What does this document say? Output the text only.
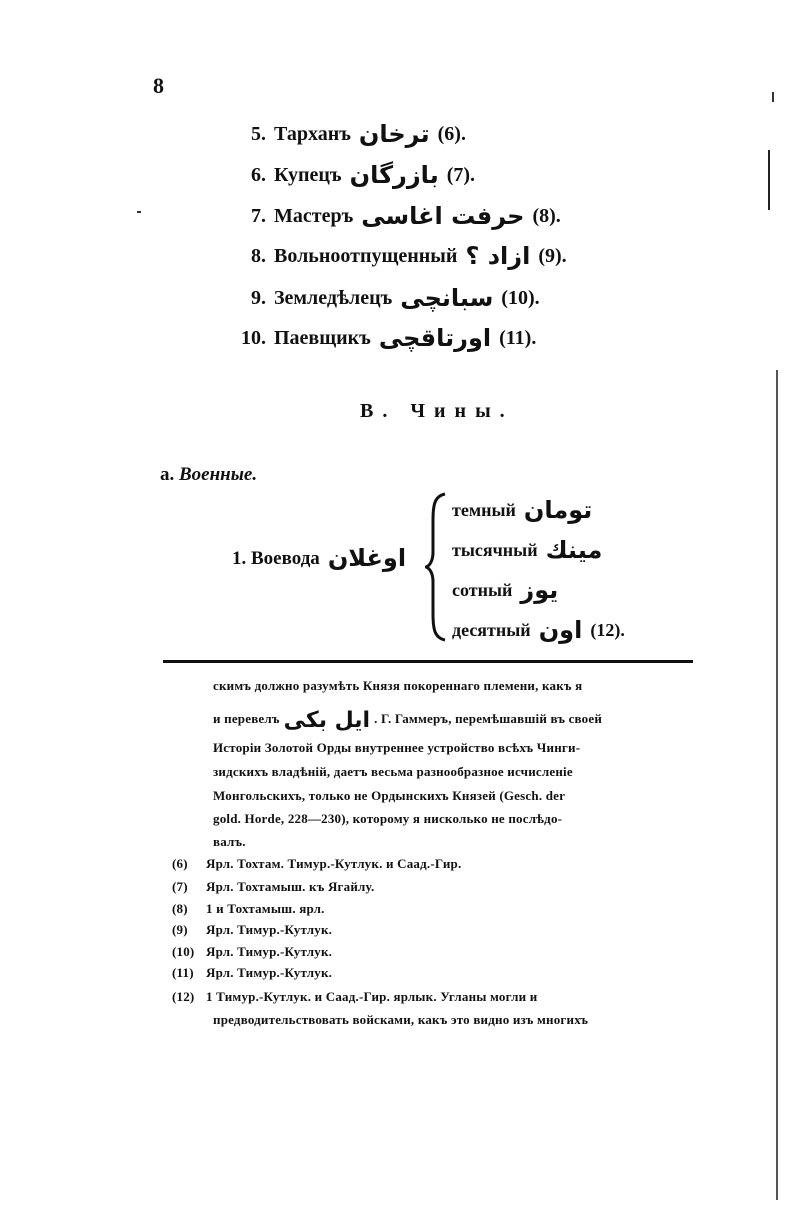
8
5. Тарханъ ترخان (6).
6. Купецъ بازرگان (7).
7. Мастеръ حرفت اغاسی (8).
8. Вольноотпущенный ازاد ؟ (9).
9. Земледѣлецъ سبانچی (10).
10. Паевщикъ اورتاقچی (11).
В. Чины.
а. Военные.
1. Воевода اوغلان
темный تومان
тысячный مینك
сотный یوز
десятный اون (12).
скимъ должно разумѣть Князя покореннаго племени, какъ я
и перевелъ ایل بکی . Г. Гаммеръ, перемѣшавшій въ своей
Исторіи Золотой Орды внутреннее устройство всѣхъ Чинги-
зидскихъ владѣній, даетъ весьма разнообразное исчисленіе
Монгольскихъ, только не Ордынскихъ Князей (Gesch. der
gold. Horde, 228—230), которому я нисколько не послѣдо-
валъ.
(6) Ярл. Тохтам. Тимур.-Кутлук. и Саад.-Гир.
(7) Ярл. Тохтамыш. къ Ягайлу.
(8) 1 и Тохтамыш. ярл.
(9) Ярл. Тимур.-Кутлук.
(10) Ярл. Тимур.-Кутлук.
(11) Ярл. Тимур.-Кутлук.
(12) 1 Тимур.-Кутлук. и Саад.-Гир. ярлык. Угланы могли и
предводительствовать войсками, какъ это видно изъ многихъ
